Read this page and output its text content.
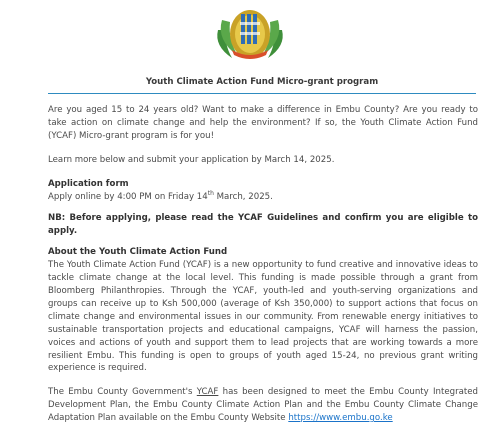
Youth Climate Action Fund Micro-grant program

Are you aged 15 to 24 years old? Want to make a difference in Embu County? Are you ready to take action on climate change and help the environment? If so, the Youth Climate Action Fund (YCAF) Micro-grant program is for you!

Learn more below and submit your application by March 14, 2025.

Application form
Apply online by 4:00 PM on Friday 14th March, 2025.

NB: Before applying, please read the YCAF Guidelines and confirm you are eligible to apply.

About the Youth Climate Action Fund

The Youth Climate Action Fund (YCAF) is a new opportunity to fund creative and innovative ideas to tackle climate change at the local level. This funding is made possible through a grant from Bloomberg Philanthropies. Through the YCAF, youth-led and youth-serving organizations and groups can receive up to Ksh 500,000 (average of Ksh 350,000) to support actions that focus on climate change and environmental issues in our community. From renewable energy initiatives to sustainable transportation projects and educational campaigns, YCAF will harness the passion, voices and actions of youth and support them to lead projects that are working towards a more resilient Embu. This funding is open to groups of youth aged 15-24, no previous grant writing experience is required.

The Embu County Government's YCAF has been designed to meet the Embu County Integrated Development Plan, the Embu County Climate Action Plan and the Embu County Climate Change Adaptation Plan available on the Embu County Website https://www.embu.go.ke
